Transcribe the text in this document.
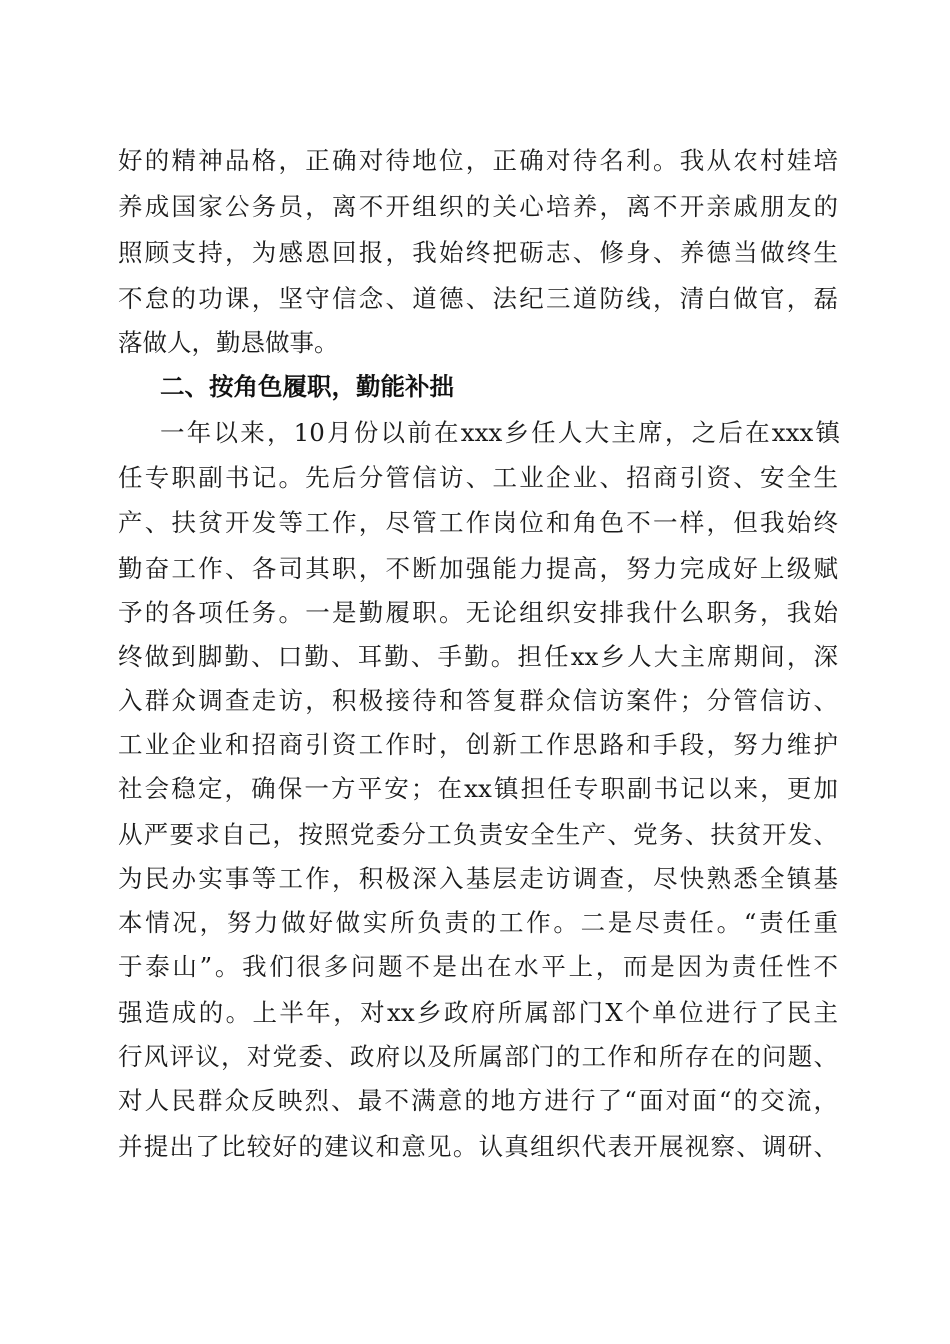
好的精神品格，正确对待地位，正确对待名利。我从农村娃培
养成国家公务员，离不开组织的关心培养，离不开亲戚朋友的
照顾支持，为感恩回报，我始终把砺志、修身、养德当做终生
不怠的功课，坚守信念、道德、法纪三道防线，清白做官，磊
落做人，勤恳做事。
二、按角色履职，勤能补拙
一年以来，10月份以前在xxx乡任人大主席，之后在xxx镇
任专职副书记。先后分管信访、工业企业、招商引资、安全生
产、扶贫开发等工作，尽管工作岗位和角色不一样，但我始终
勤奋工作、各司其职，不断加强能力提高，努力完成好上级赋
予的各项任务。一是勤履职。无论组织安排我什么职务，我始
终做到脚勤、口勤、耳勤、手勤。担任xx乡人大主席期间，深
入群众调查走访，积极接待和答复群众信访案件；分管信访、
工业企业和招商引资工作时，创新工作思路和手段，努力维护
社会稳定，确保一方平安；在xx镇担任专职副书记以来，更加
从严要求自己，按照党委分工负责安全生产、党务、扶贫开发、
为民办实事等工作，积极深入基层走访调查，尽快熟悉全镇基
本情况，努力做好做实所负责的工作。二是尽责任。“责任重
于泰山”。我们很多问题不是出在水平上，而是因为责任性不
强造成的。上半年，对xx乡政府所属部门X个单位进行了民主
行风评议，对党委、政府以及所属部门的工作和所存在的问题、
对人民群众反映烈、最不满意的地方进行了“面对面“的交流，
并提出了比较好的建议和意见。认真组织代表开展视察、调研、
